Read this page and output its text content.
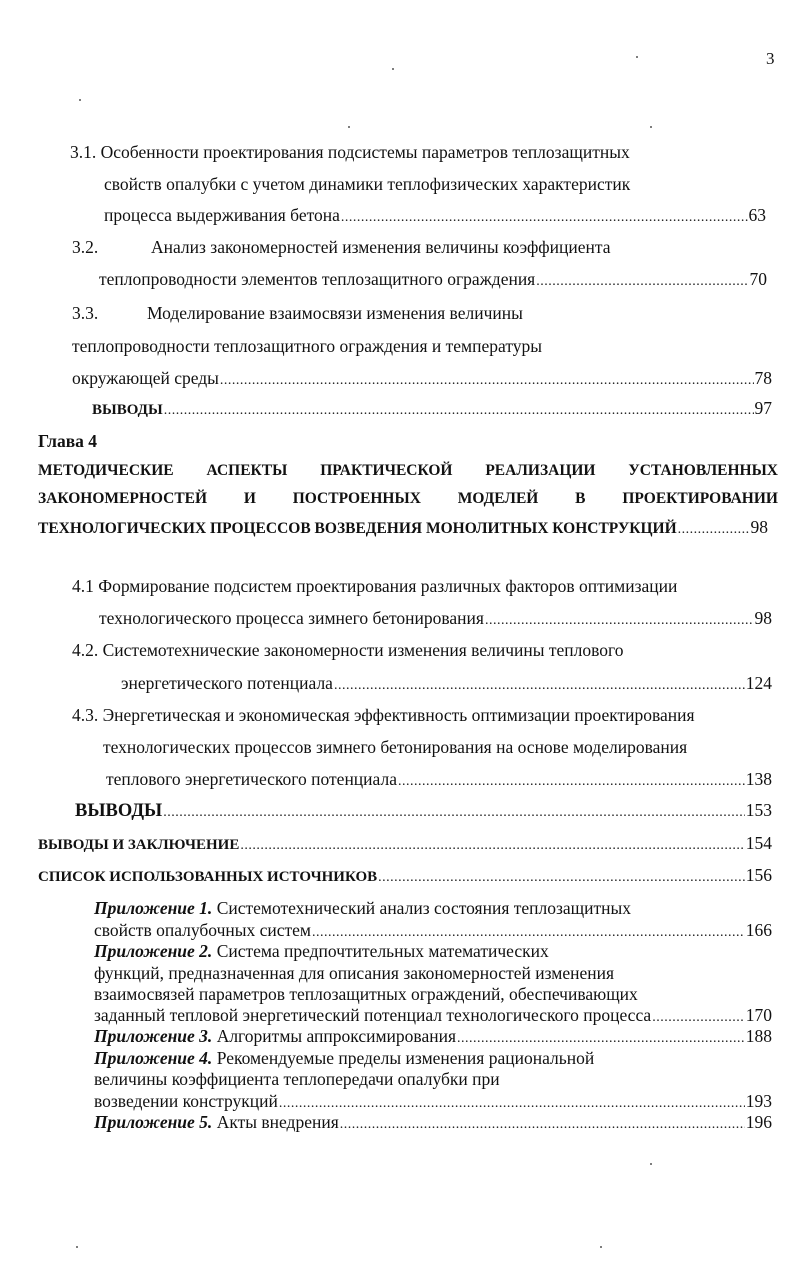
3
3.1. Особенности проектирования подсистемы параметров теплозащитных
свойств опалубки с учетом динамики теплофизических характеристик
процесса выдерживания бетона .....	63
3.2.	Анализ закономерностей изменения величины коэффициента
теплопроводности элементов теплозащитного ограждения .....	70
3.3.	Моделирование взаимосвязи изменения величины
теплопроводности теплозащитного ограждения и температуры
окружающей среды .....	78
ВЫВОДЫ .....	97
Глава 4
МЕТОДИЧЕСКИЕ АСПЕКТЫ ПРАКТИЧЕСКОЙ РЕАЛИЗАЦИИ УСТАНОВЛЕННЫХ
ЗАКОНОМЕРНОСТЕЙ И ПОСТРОЕННЫХ МОДЕЛЕЙ В ПРОЕКТИРОВАНИИ
ТЕХНОЛОГИЧЕСКИХ ПРОЦЕССОВ ВОЗВЕДЕНИЯ МОНОЛИТНЫХ КОНСТРУКЦИЙ .....	98
4.1 Формирование подсистем проектирования различных факторов оптимизации
технологического процесса зимнего бетонирования .....	98
4.2. Системотехнические закономерности изменения величины теплового
энергетического потенциала .....	124
4.3. Энергетическая и экономическая эффективность оптимизации проектирования
технологических процессов зимнего бетонирования на основе моделирования
теплового энергетического потенциала .....	138
ВЫВОДЫ .....	153
ВЫВОДЫ И ЗАКЛЮЧЕНИЕ .....	154
СПИСОК ИСПОЛЬЗОВАННЫХ ИСТОЧНИКОВ .....	156
Приложение 1. Системотехнический анализ состояния теплозащитных
свойств опалубочных систем .....	166
Приложение 2. Система предпочтительных математических
функций, предназначенная для описания закономерностей изменения
взаимосвязей параметров теплозащитных ограждений, обеспечивающих
заданный тепловой энергетический потенциал технологического процесса .....	170
Приложение 3. Алгоритмы аппроксимирования .....	188
Приложение 4. Рекомендуемые пределы изменения рациональной
величины коэффициента теплопередачи опалубки при
возведении конструкций .....	193
Приложение 5. Акты внедрения .....	196
